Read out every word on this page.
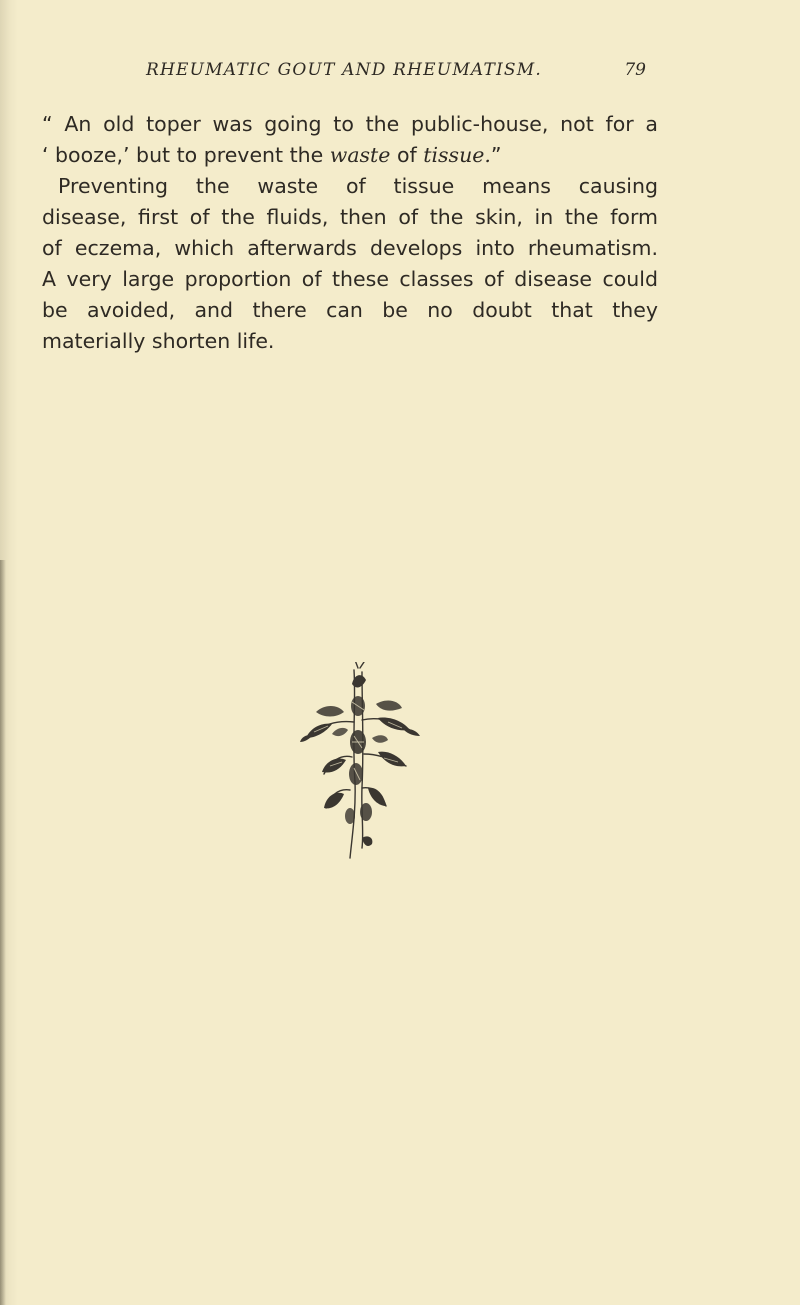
RHEUMATIC GOUT AND RHEUMATISM.	79
“ An old toper was going to the public-house, not for a
‘ booze,’ but to prevent the waste of tissue.”
Preventing the waste of tissue means causing
disease, first of the fluids, then of the skin, in the form
of eczema, which afterwards develops into rheumatism.
A very large proportion of these classes of disease could
be avoided, and there can be no doubt that they
materially shorten life.
